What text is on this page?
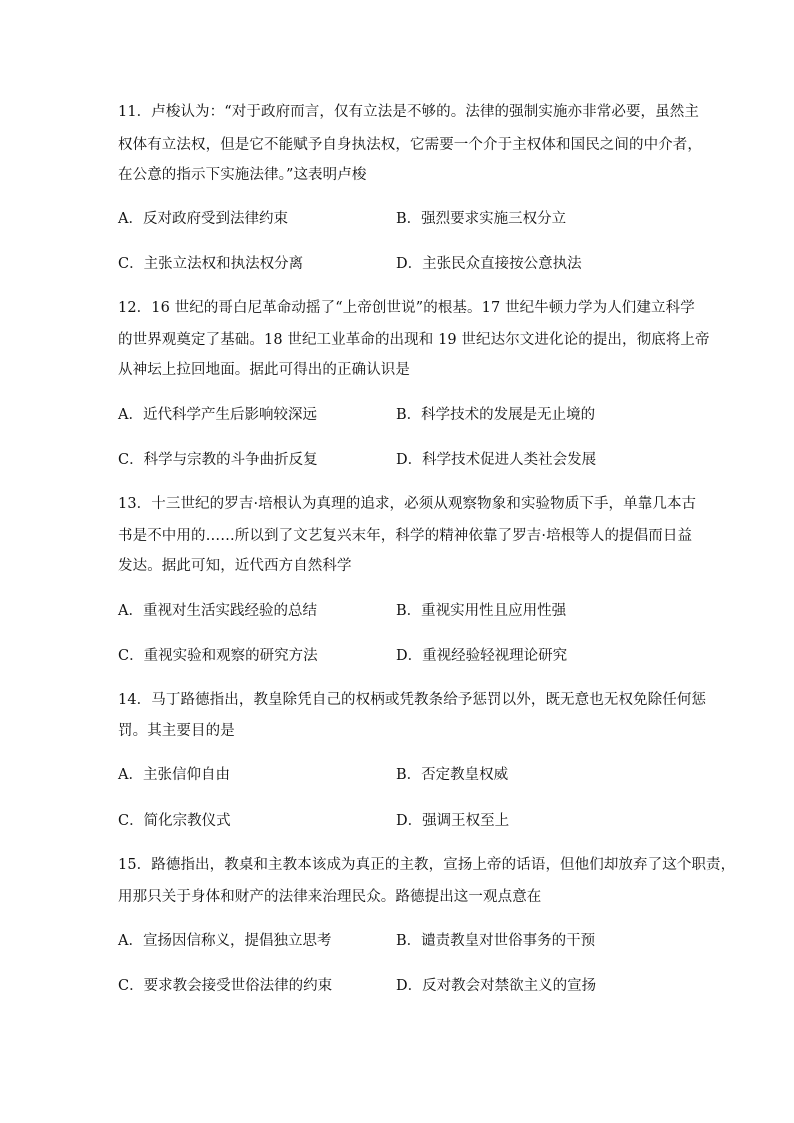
11．卢梭认为：“对于政府而言，仅有立法是不够的。法律的强制实施亦非常必要，虽然主
权体有立法权，但是它不能赋予自身执法权，它需要一个介于主权体和国民之间的中介者，
在公意的指示下实施法律。”这表明卢梭
A．反对政府受到法律约束	B．强烈要求实施三权分立
C．主张立法权和执法权分离	D．主张民众直接按公意执法
12．16 世纪的哥白尼革命动摇了“上帝创世说”的根基。17 世纪牛顿力学为人们建立科学
的世界观奠定了基础。18 世纪工业革命的出现和 19 世纪达尔文进化论的提出，彻底将上帝
从神坛上拉回地面。据此可得出的正确认识是
A．近代科学产生后影响较深远	B．科学技术的发展是无止境的
C．科学与宗教的斗争曲折反复	D．科学技术促进人类社会发展
13．十三世纪的罗吉·培根认为真理的追求，必须从观察物象和实验物质下手，单靠几本古
书是不中用的……所以到了文艺复兴末年，科学的精神依靠了罗吉·培根等人的提倡而日益
发达。据此可知，近代西方自然科学
A．重视对生活实践经验的总结	B．重视实用性且应用性强
C．重视实验和观察的研究方法	D．重视经验轻视理论研究
14．马丁路德指出，教皇除凭自己的权柄或凭教条给予惩罚以外，既无意也无权免除任何惩
罚。其主要目的是
A．主张信仰自由	B．否定教皇权威
C．简化宗教仪式	D．强调王权至上
15．路德指出，教桌和主教本该成为真正的主教，宣扬上帝的话语，但他们却放弃了这个职责，
用那只关于身体和财产的法律来治理民众。路德提出这一观点意在
A．宣扬因信称义，提倡独立思考	B．谴责教皇对世俗事务的干预
C．要求教会接受世俗法律的约束	D．反对教会对禁欲主义的宣扬
